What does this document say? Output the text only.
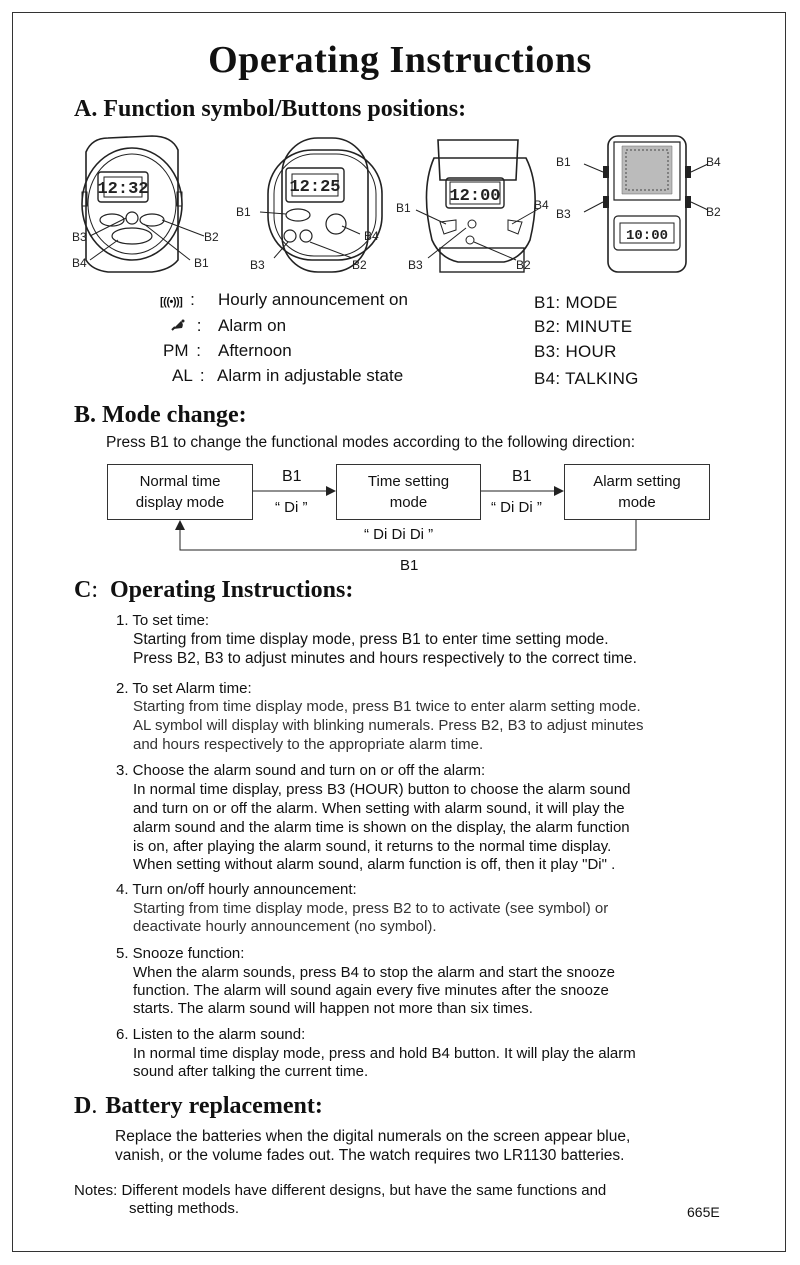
Operating Instructions
A. Function symbol/Buttons positions:
12:32
B3
B4	B1
B2
12:25
B1
B4
B3	B2
12:00
B1	B4
B3	B2
10:00
B1	B4
B3	B2
[((•))] : Hourly announcement on
: Alarm on
PM : Afternoon
AL : Alarm in adjustable state
B1: MODE
B2: MINUTE
B3: HOUR
B4: TALKING
B. Mode change:
Press B1 to change the functional modes according to the following direction:
Normal time
display mode
Time setting
mode
Alarm setting
mode
B1
“ Di ”
B1
“ Di Di ”
“ Di Di Di ”
B1
C: Operating Instructions:
1. To set time:
Starting from time display mode, press B1 to enter time setting mode.
Press B2, B3 to adjust minutes and hours respectively to the correct time.
2. To set Alarm time:
Starting from time display mode, press B1 twice to enter alarm setting mode.
AL symbol will display with blinking numerals. Press B2, B3 to adjust minutes
and hours respectively to the appropriate alarm time.
3. Choose the alarm sound and turn on or off the alarm:
In normal time display, press B3 (HOUR) button to choose the alarm sound
and turn on or off the alarm. When setting with alarm sound, it will play the
alarm sound and the alarm time is shown on the display, the alarm function
is on, after playing the alarm sound, it returns to the normal time display.
When setting without alarm sound, alarm function is off, then it play "Di" .
4. Turn on/off hourly announcement:
Starting from time display mode, press B2 to to activate (see symbol) or
deactivate hourly announcement (no symbol).
5. Snooze function:
When the alarm sounds, press B4 to stop the alarm and start the snooze
function. The alarm will sound again every five minutes after the snooze
starts. The alarm sound will happen not more than six times.
6. Listen to the alarm sound:
In normal time display mode, press and hold B4 button. It will play the alarm
sound after talking the current time.
D. Battery replacement:
Replace the batteries when the digital numerals on the screen appear blue,
vanish, or the volume fades out. The watch requires two LR1130 batteries.
Notes: Different models have different designs, but have the same functions and
setting methods.	665E
